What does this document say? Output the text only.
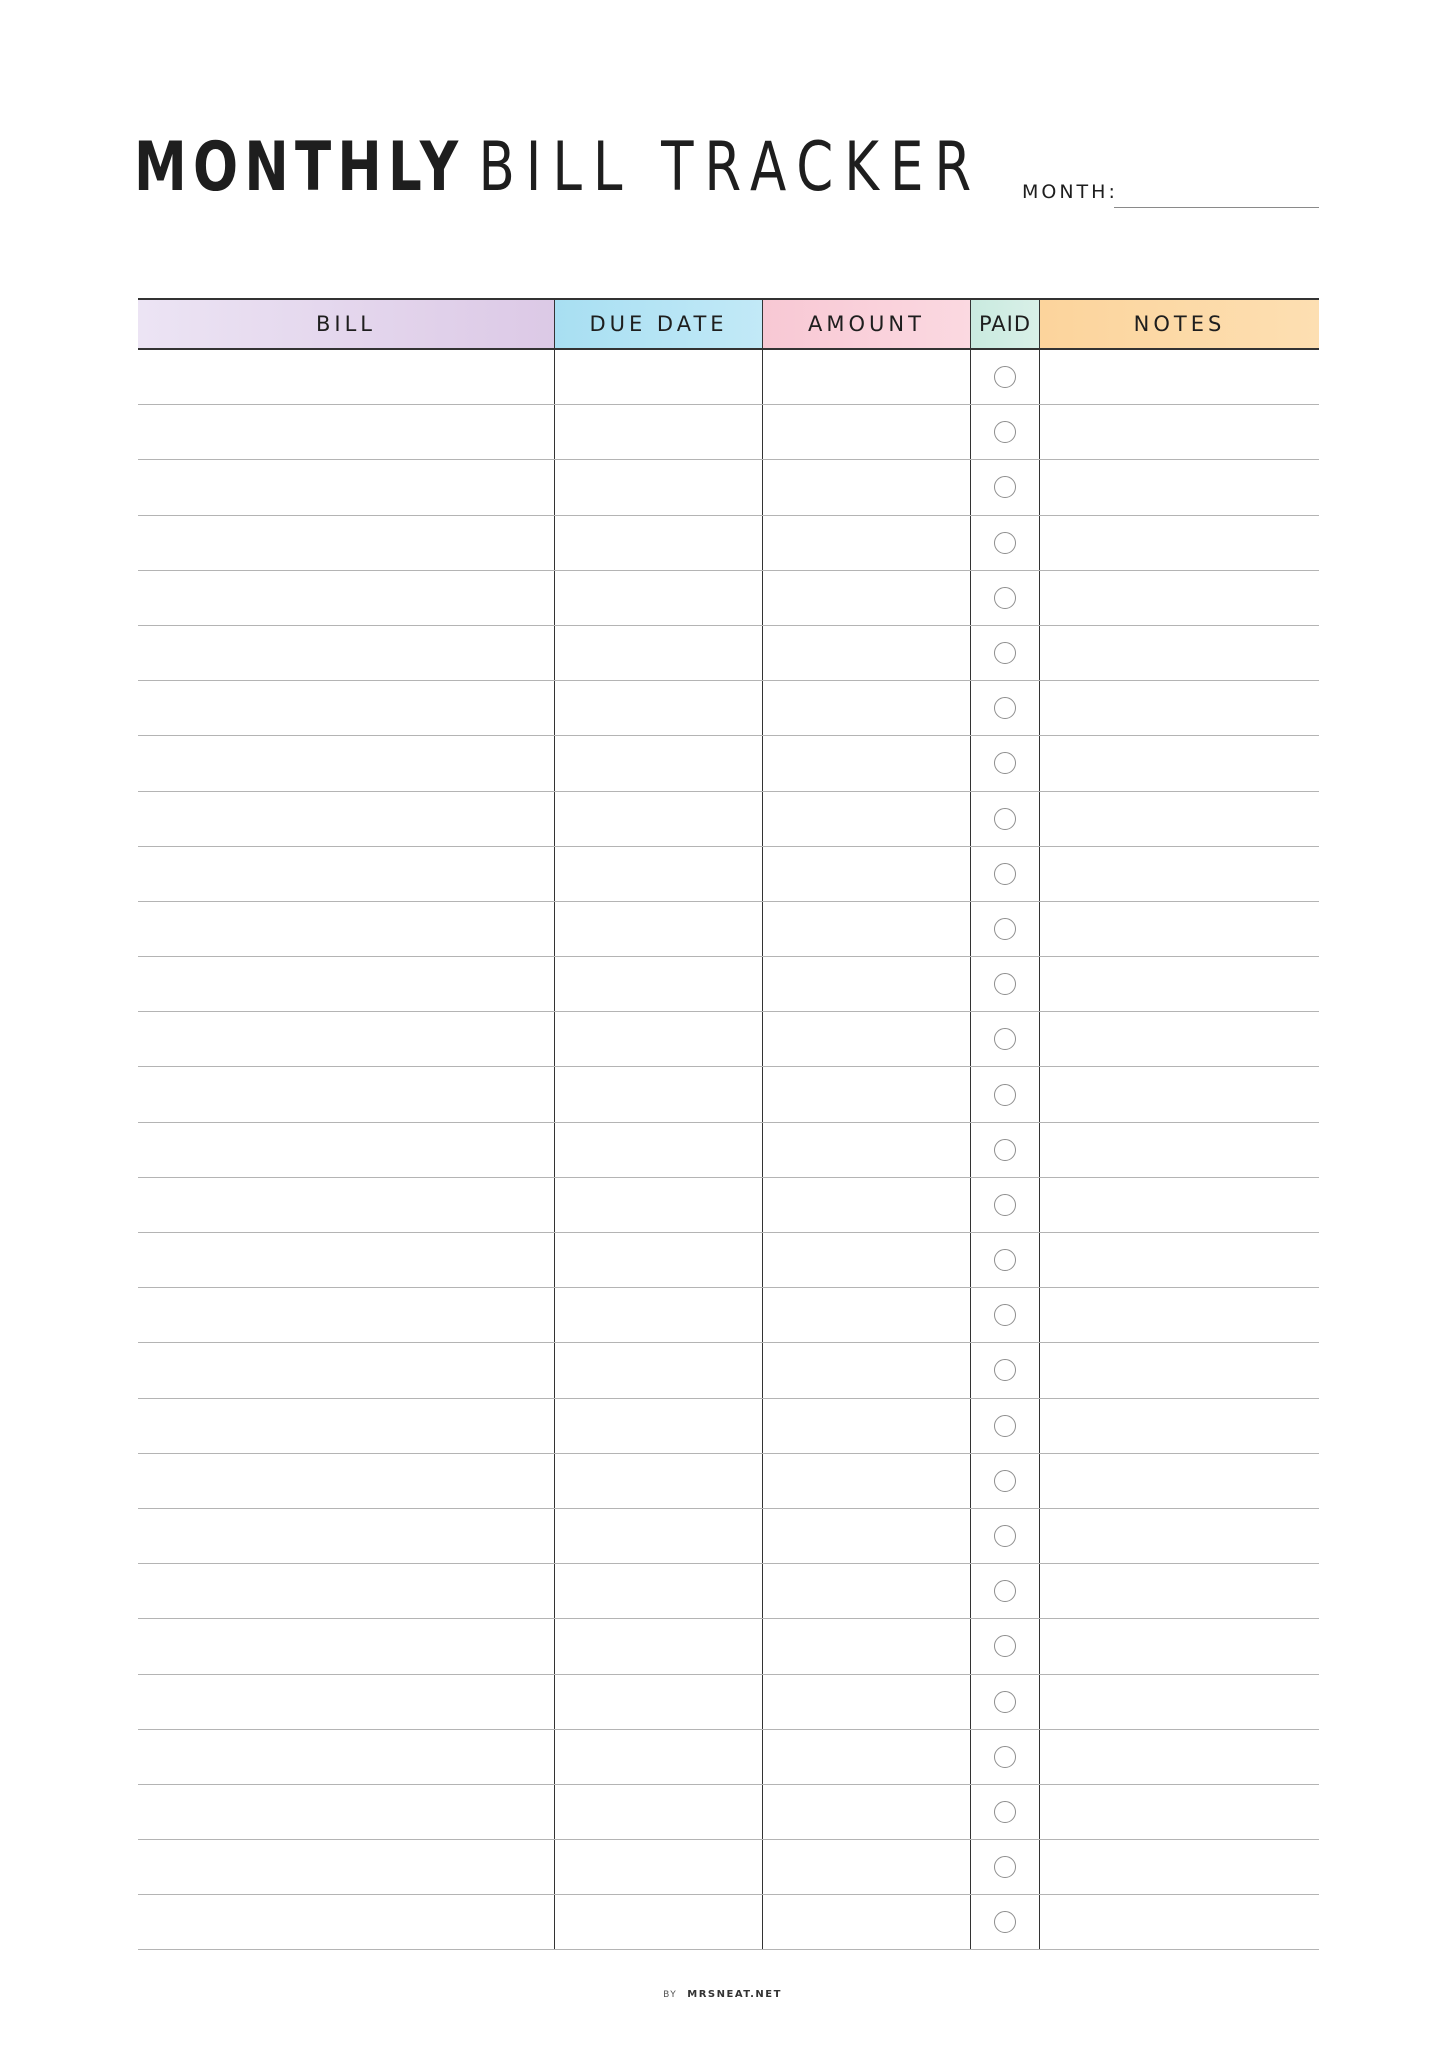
MONTHLY BILL TRACKER MONTH:
BILL	DUE DATE	AMOUNT	PAID	NOTES
BY MRSNEAT.NET
